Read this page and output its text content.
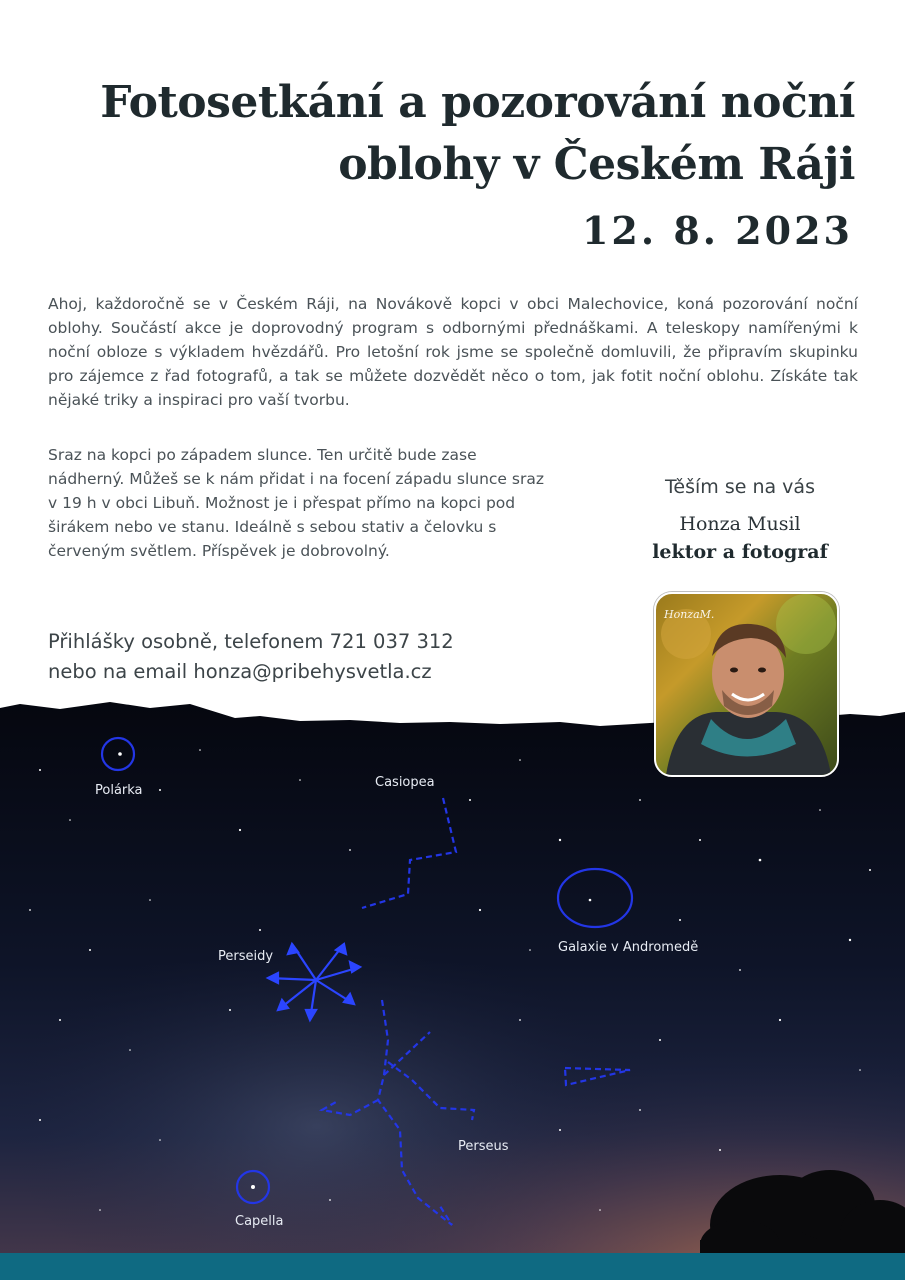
Fotosetkání a pozorování noční oblohy v Českém Ráji
12. 8. 2023

Ahoj, každoročně se v Českém Ráji, na Novákově kopci v obci Malechovice, koná pozorování noční oblohy. Součástí akce je doprovodný program s odbornými přednáškami. A teleskopy namířenými k noční obloze s výkladem hvězdářů. Pro letošní rok jsme se společně domluvili, že připravím skupinku pro zájemce z řad fotografů, a tak se můžete dozvědět něco o tom, jak fotit noční oblohu. Získáte tak nějaké triky a inspiraci pro vaší tvorbu.

Sraz na kopci po západem slunce. Ten určitě bude zase nádherný. Můžeš se k nám přidat i na focení západu slunce sraz v 19 h v obci Libuň. Možnost je i přespat přímo na kopci pod širákem nebo ve stanu. Ideálně s sebou stativ a čelovku s červeným světlem. Příspěvek je dobrovolný.

Přihlášky osobně, telefonem 721 037 312
nebo na email honza@pribehysvetla.cz
Těším se na vás
Honza Musil
lektor a fotograf
Polárka
Casiopea
Galaxie v Andromedě
Perseidy
Perseus
Capella
HonzaM.
